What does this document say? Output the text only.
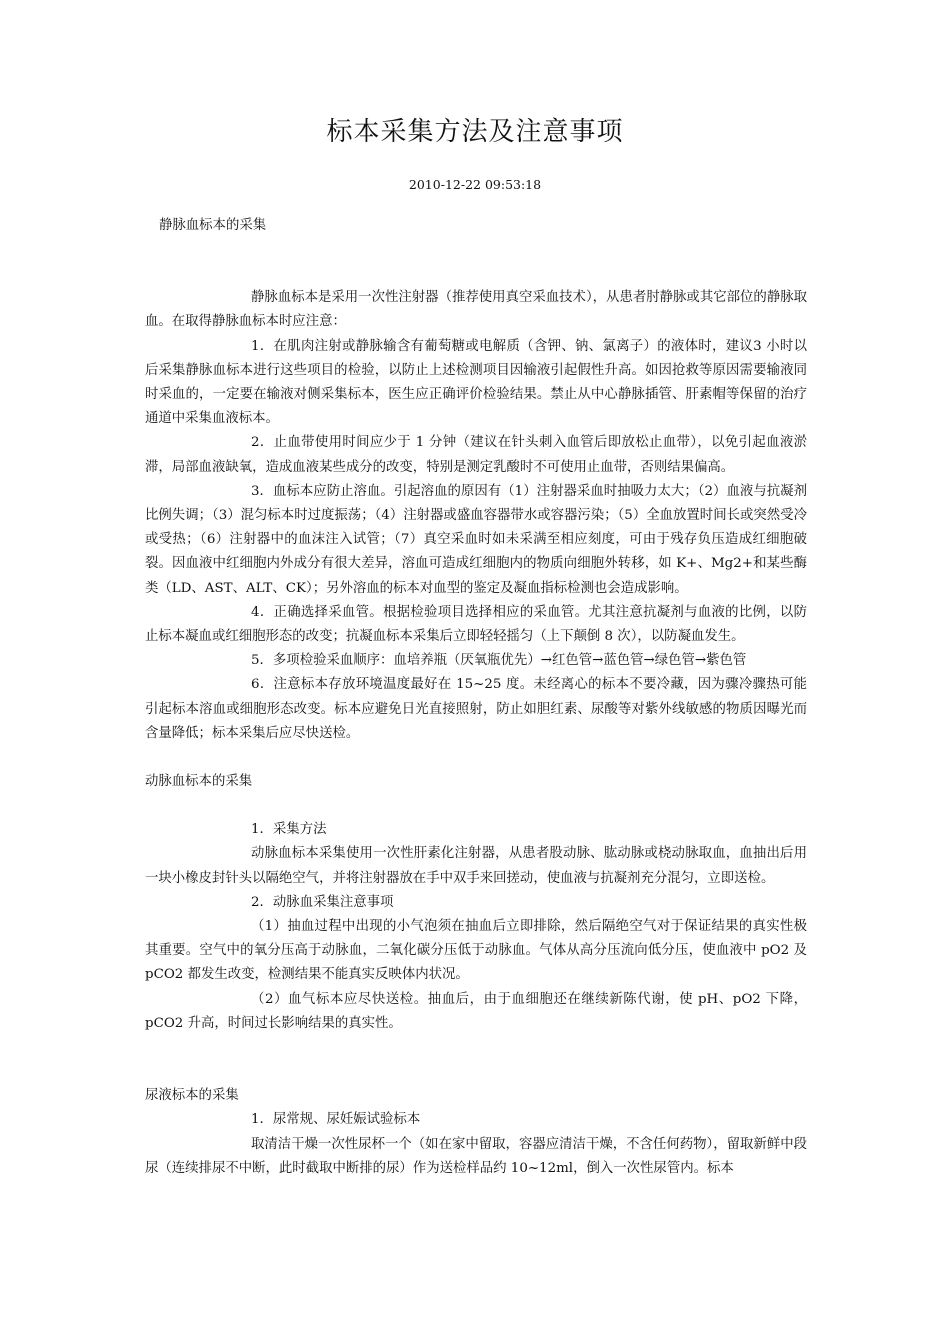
标本采集方法及注意事项
2010-12-22 09:53:18

静脉血标本的采集

静脉血标本是采用一次性注射器（推荐使用真空采血技术），从患者肘静脉或其它部位的静脉取血。在取得静脉血标本时应注意：

1．在肌肉注射或静脉输含有葡萄糖或电解质（含钾、钠、氯离子）的液体时，建议3 小时以后采集静脉血标本进行这些项目的检验，以防止上述检测项目因输液引起假性升高。如因抢救等原因需要输液同时采血的，一定要在输液对侧采集标本，医生应正确评价检验结果。禁止从中心静脉插管、肝素帽等保留的治疗通道中采集血液标本。

2．止血带使用时间应少于 1 分钟（建议在针头刺入血管后即放松止血带），以免引起血液淤滞，局部血液缺氧，造成血液某些成分的改变，特别是测定乳酸时不可使用止血带，否则结果偏高。

3．血标本应防止溶血。引起溶血的原因有（1）注射器采血时抽吸力太大；（2）血液与抗凝剂比例失调；（3）混匀标本时过度振荡；（4）注射器或盛血容器带水或容器污染；（5）全血放置时间长或突然受冷或受热；（6）注射器中的血沫注入试管；（7）真空采血时如未采满至相应刻度，可由于残存负压造成红细胞破裂。因血液中红细胞内外成分有很大差异，溶血可造成红细胞内的物质向细胞外转移，如 K+、Mg2+和某些酶类（LD、AST、ALT、CK）；另外溶血的标本对血型的鉴定及凝血指标检测也会造成影响。

4．正确选择采血管。根据检验项目选择相应的采血管。尤其注意抗凝剂与血液的比例，以防止标本凝血或红细胞形态的改变；抗凝血标本采集后立即轻轻摇匀（上下颠倒 8 次），以防凝血发生。

5．多项检验采血顺序：血培养瓶（厌氧瓶优先）→红色管→蓝色管→绿色管→紫色管

6．注意标本存放环境温度最好在 15~25 度。未经离心的标本不要冷藏，因为骤冷骤热可能引起标本溶血或细胞形态改变。标本应避免日光直接照射，防止如胆红素、尿酸等对紫外线敏感的物质因曝光而含量降低；标本采集后应尽快送检。

动脉血标本的采集

1．采集方法

动脉血标本采集使用一次性肝素化注射器，从患者股动脉、肱动脉或桡动脉取血，血抽出后用一块小橡皮封针头以隔绝空气，并将注射器放在手中双手来回搓动，使血液与抗凝剂充分混匀，立即送检。

2．动脉血采集注意事项

（1）抽血过程中出现的小气泡须在抽血后立即排除，然后隔绝空气对于保证结果的真实性极其重要。空气中的氧分压高于动脉血，二氧化碳分压低于动脉血。气体从高分压流向低分压，使血液中 pO2 及 pCO2 都发生改变，检测结果不能真实反映体内状况。

（2）血气标本应尽快送检。抽血后，由于血细胞还在继续新陈代谢，使 pH、pO2 下降，pCO2 升高，时间过长影响结果的真实性。

尿液标本的采集

1．尿常规、尿妊娠试验标本

取清洁干燥一次性尿杯一个（如在家中留取，容器应清洁干燥，不含任何药物），留取新鲜中段尿（连续排尿不中断，此时截取中断排的尿）作为送检样品约 10~12ml，倒入一次性尿管内。标本
